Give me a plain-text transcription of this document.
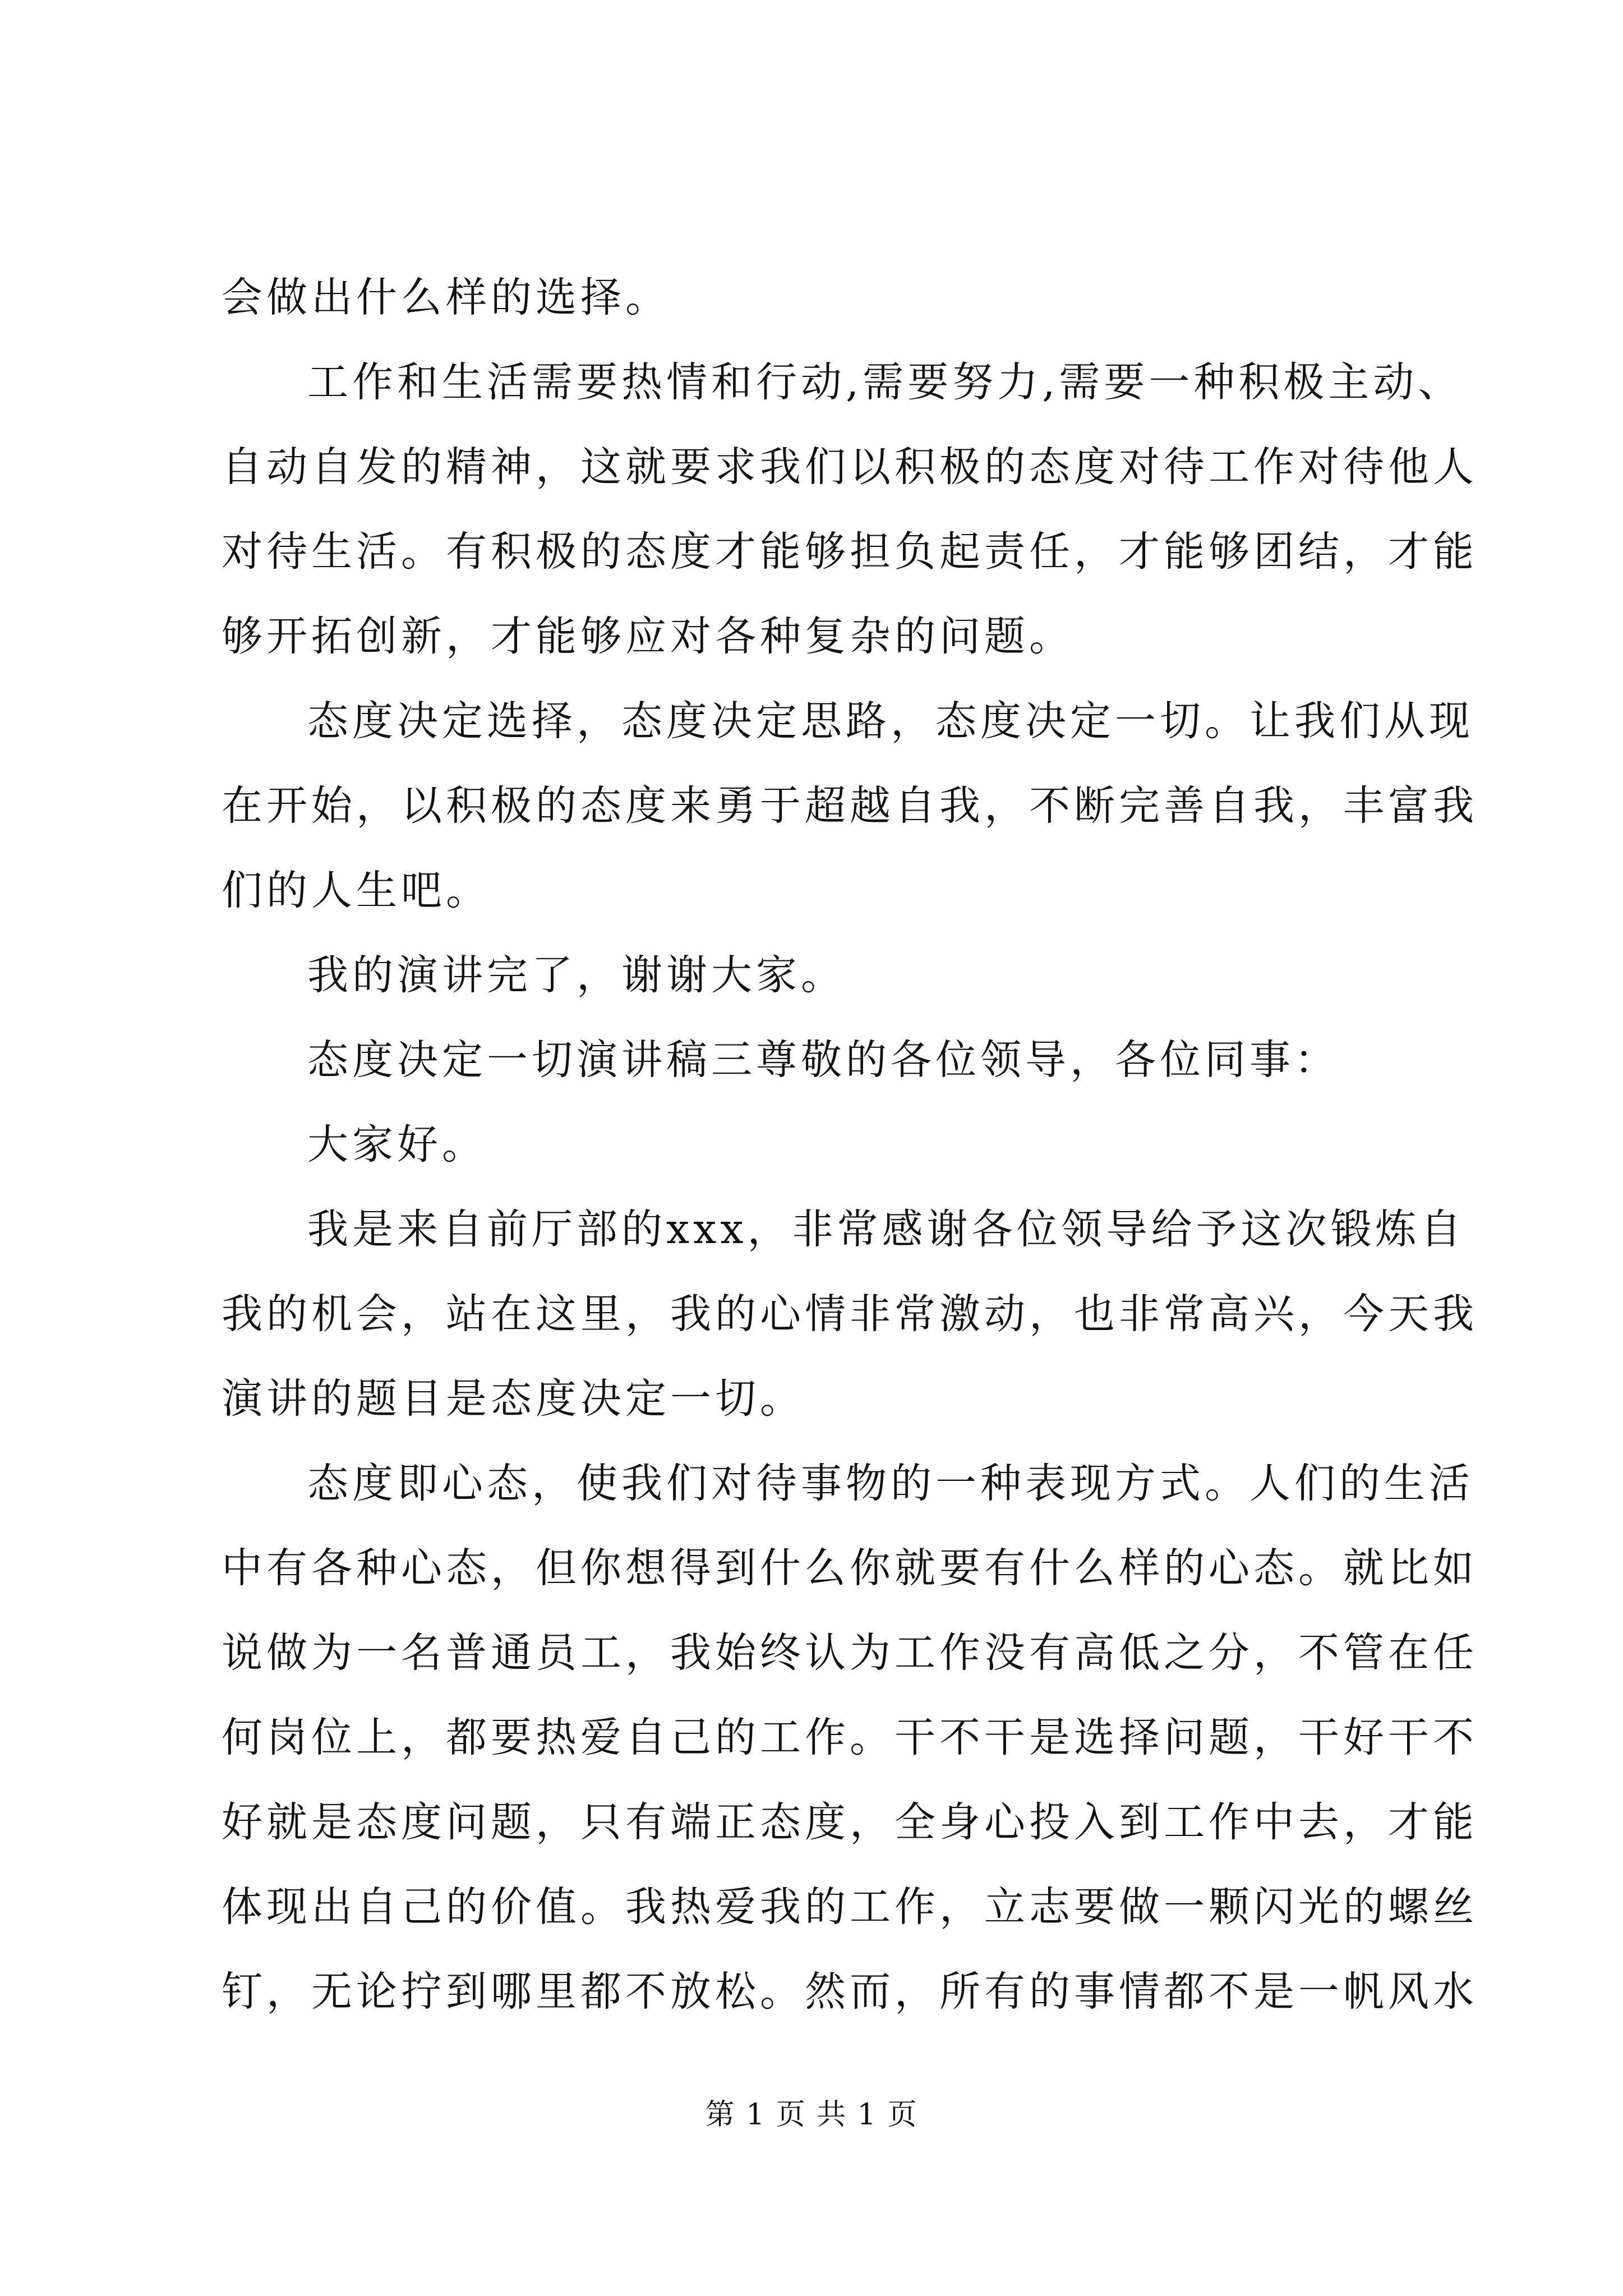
会做出什么样的选择。
工作和生活需要热情和行动,需要努力,需要一种积极主动、
自动自发的精神，这就要求我们以积极的态度对待工作对待他人
对待生活。有积极的态度才能够担负起责任，才能够团结，才能
够开拓创新，才能够应对各种复杂的问题。
态度决定选择，态度决定思路，态度决定一切。让我们从现
在开始，以积极的态度来勇于超越自我，不断完善自我，丰富我
们的人生吧。
我的演讲完了，谢谢大家。
态度决定一切演讲稿三尊敬的各位领导，各位同事：
大家好。
我是来自前厅部的xxx，非常感谢各位领导给予这次锻炼自
我的机会，站在这里，我的心情非常激动，也非常高兴，今天我
演讲的题目是态度决定一切。
态度即心态，使我们对待事物的一种表现方式。人们的生活
中有各种心态，但你想得到什么你就要有什么样的心态。就比如
说做为一名普通员工，我始终认为工作没有高低之分，不管在任
何岗位上，都要热爱自己的工作。干不干是选择问题，干好干不
好就是态度问题，只有端正态度，全身心投入到工作中去，才能
体现出自己的价值。我热爱我的工作，立志要做一颗闪光的螺丝
钉，无论拧到哪里都不放松。然而，所有的事情都不是一帆风水
第 1 页 共 1 页
